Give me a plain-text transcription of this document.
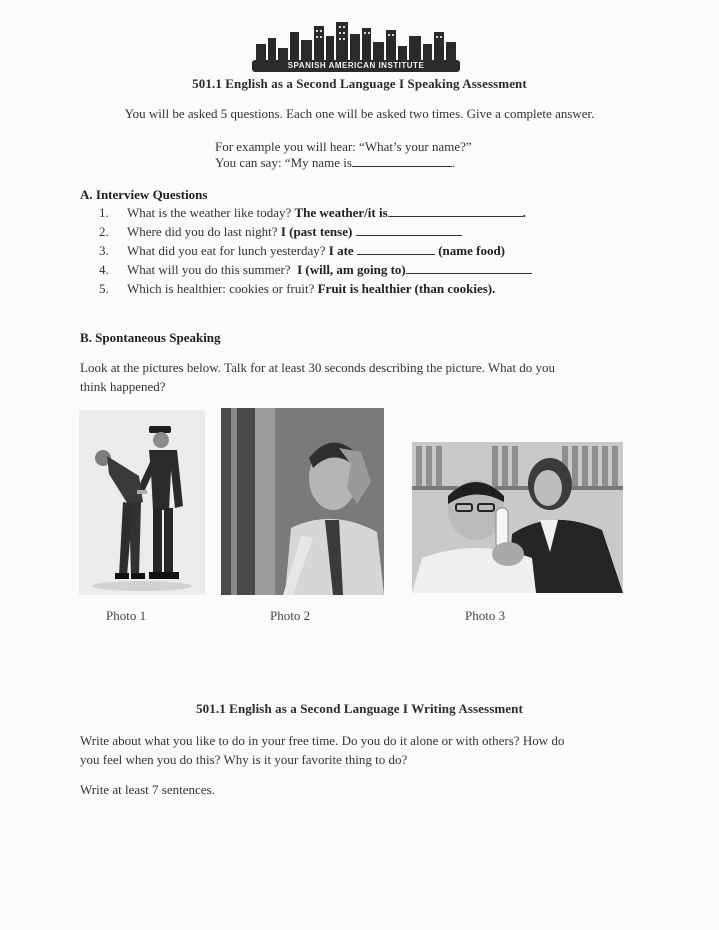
SPANISH AMERICAN INSTITUTE
501.1 English as a Second Language I Speaking Assessment
You will be asked 5 questions. Each one will be asked two times. Give a complete answer.
For example you will hear: “What’s your name?”
You can say: “My name is	.
A. Interview Questions
1. What is the weather like today? The weather/it is	.
2. Where did you do last night? I (past tense)
3. What did you eat for lunch yesterday? I ate	(name food)
4. What will you do this summer? I (will, am going to)
5. Which is healthier: cookies or fruit? Fruit is healthier (than cookies).
B. Spontaneous Speaking
Look at the pictures below. Talk for at least 30 seconds describing the picture. What do you
think happened?
Photo 1	Photo 2	Photo 3
501.1 English as a Second Language I Writing Assessment
Write about what you like to do in your free time. Do you do it alone or with others? How do
you feel when you do this? Why is it your favorite thing to do?
Write at least 7 sentences.
